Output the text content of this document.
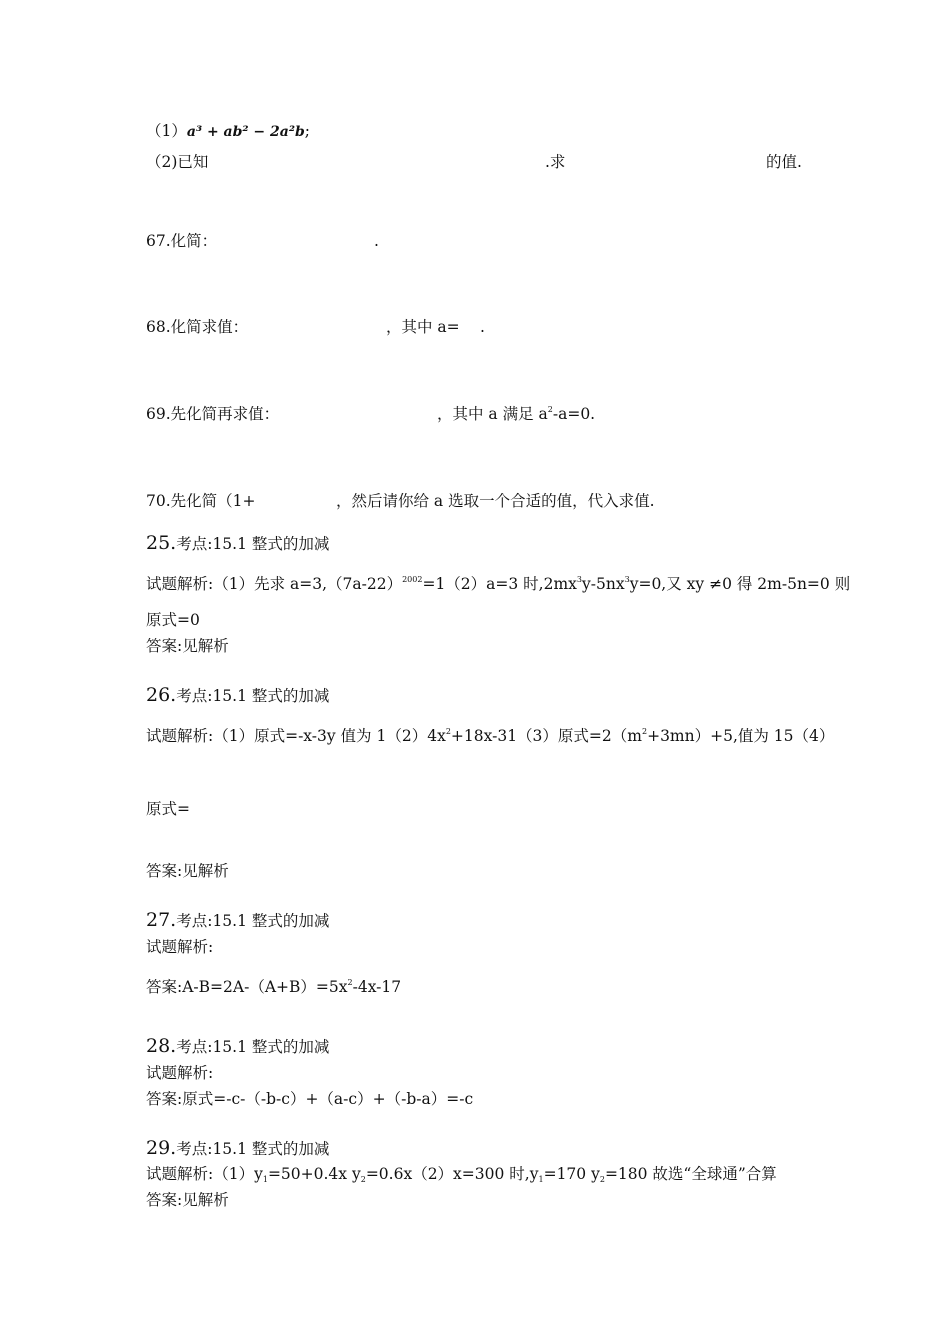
（1）a³ + ab² − 2a²b;
（2)已知	.求	的值.
67.化简：	.
68.化简求值：	，其中 a= .
69.先化简再求值：	，其中 a 满足 $a^2-a=0$.
70.先化简（1+	，然后请你给 a 选取一个合适的值，代入求值.
25.考点:15.1 整式的加减
试题解析:（1）先求 $a=3,(7a-22)^{2002}=1(2)a=3$ 时$,2mx^3y-5nx^3y=0$,又 xy ≠0 得 2m-5n=0 则
原式=0
答案:见解析
26.考点:15.1 整式的加减
试题解析:（1）原式=-x-3y 值为 $1(2)4x^2+18x-31(3)$原式$=2(m^2+3mn)+5$,值为 15（4）
原式=
答案:见解析
27.考点:15.1 整式的加减
试题解析:
答案$:A-B=2A-(A+B)=5x^2-4x-17$
28.考点:15.1 整式的加减
试题解析:
答案:原式=-c-（-b-c）+（a-c）+（-b-a）=-c
29.考点:15.1 整式的加减
试题解析$:(1)y_1=50+0.4x$ $y_2=0.6x(2)x=300$ 时$,y_1=170$ $y_2=180$ 故选“全球通”合算
答案:见解析
